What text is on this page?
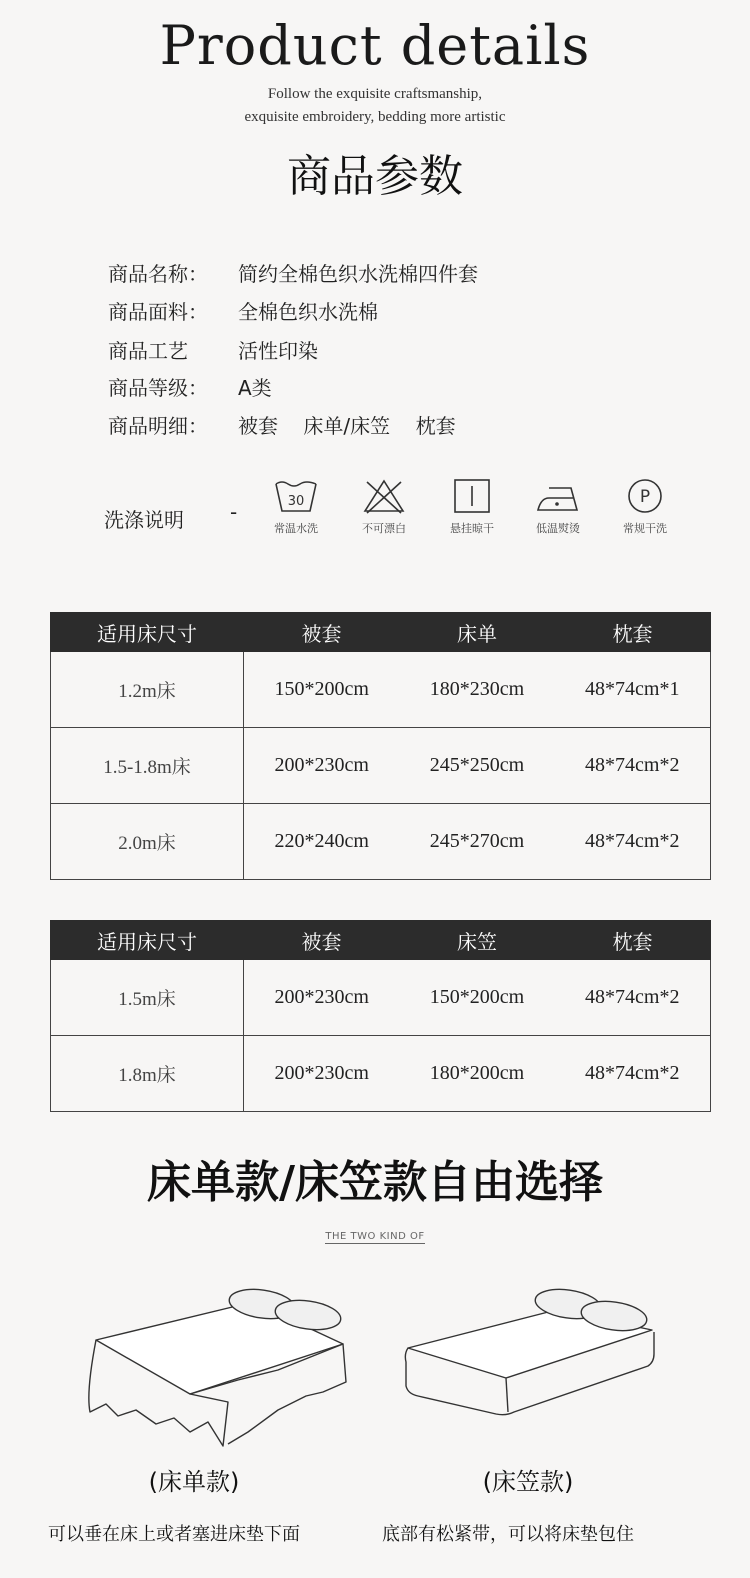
Product details
Follow the exquisite craftsmanship,
exquisite embroidery, bedding more artistic
商品参数
商品名称：	简约全棉色织水洗棉四件套
商品面料：	全棉色织水洗棉
商品工艺	活性印染
商品等级：	A类
商品明细：	被套    床单/床笠    枕套
洗涤说明 -	30
常温水洗	不可漂白	悬挂晾干	低温熨烫
P
常规干洗
适用床尺寸	被套	床单	枕套
1.2m床	150*200cm	180*230cm	48*74cm*1
1.5-1.8m床	200*230cm	245*250cm	48*74cm*2
2.0m床	220*240cm	245*270cm	48*74cm*2
适用床尺寸	被套	床笠	枕套
1.5m床	200*230cm	150*200cm	48*74cm*2
1.8m床	200*230cm	180*200cm	48*74cm*2
床单款/床笠款自由选择
THE TWO KIND OF
(床单款)	(床笠款)
可以垂在床上或者塞进床垫下面	底部有松紧带，可以将床垫包住
